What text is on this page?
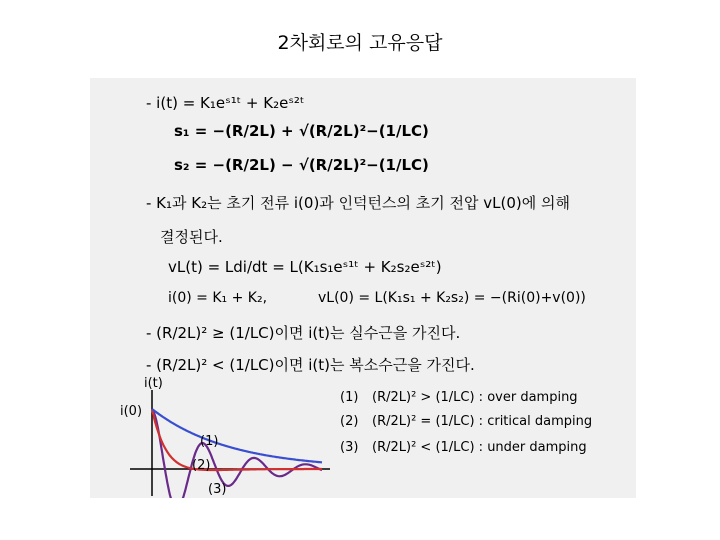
2차회로의 고유응답
- i(t) = K₁eˢ¹ᵗ + K₂eˢ²ᵗ
s₁ = −(R/2L) + √(R/2L)²−(1/LC)
s₂ = −(R/2L) − √(R/2L)²−(1/LC)
- K₁과 K₂는 초기 전류 i(0)과 인덕턴스의 초기 전압 vL(0)에 의해
결정된다.
vL(t) = Ldi/dt = L(K₁s₁eˢ¹ᵗ + K₂s₂eˢ²ᵗ)
i(0) = K₁ + K₂,	vL(0) = L(K₁s₁ + K₂s₂) = −(Ri(0)+v(0))
- (R/2L)² ≥ (1/LC)이면 i(t)는 실수근을 가진다.
- (R/2L)² < (1/LC)이면 i(t)는 복소수근을 가진다.
i(t)
i(0)
(1)
(2)
(3)
(1) (R/2L)² > (1/LC) : over damping
(2) (R/2L)² = (1/LC) : critical damping
(3) (R/2L)² < (1/LC) : under damping
